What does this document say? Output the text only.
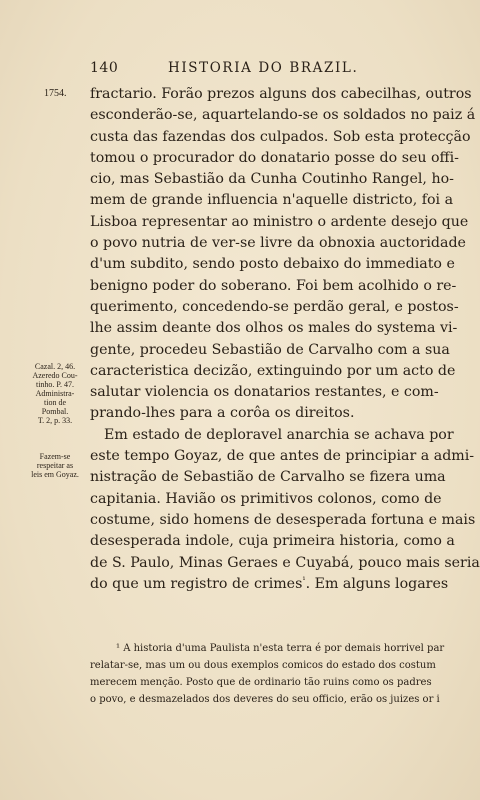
140	HISTORIA DO BRAZIL.
1754.
Cazal. 2, 46.
Azeredo Cou-
tinho. P. 47.
Administra-
tion de
Pombal.
T. 2, p. 33.
Fazem-se
respeitar as
leis em Goyaz.
fractario. Forão prezos alguns dos cabecilhas, outros
esconderão-se, aquartelando-se os soldados no paiz á
custa das fazendas dos culpados. Sob esta protecção
tomou o procurador do donatario posse do seu offi-
cio, mas Sebastião da Cunha Coutinho Rangel, ho-
mem de grande influencia n'aquelle districto, foi a
Lisboa representar ao ministro o ardente desejo que
o povo nutria de ver-se livre da obnoxia auctoridade
d'um subdito, sendo posto debaixo do immediato e
benigno poder do soberano. Foi bem acolhido o re-
querimento, concedendo-se perdão geral, e postos-
lhe assim deante dos olhos os males do systema vi-
gente, procedeu Sebastião de Carvalho com a sua
caracteristica decizão, extinguindo por um acto de
salutar violencia os donatarios restantes, e com-
prando-lhes para a corôa os direitos.
Em estado de deploravel anarchia se achava por
este tempo Goyaz, de que antes de principiar a admi-
nistração de Sebastião de Carvalho se fizera uma
capitania. Havião os primitivos colonos, como de
costume, sido homens de desesperada fortuna e mais
desesperada indole, cuja primeira historia, como a
de S. Paulo, Minas Geraes e Cuyabá, pouco mais seria
do que um registro de crimes$^{^1}$. Em alguns logares
¹ A historia d'uma Paulista n'esta terra é por demais horrivel par
relatar-se, mas um ou dous exemplos comicos do estado dos costum
merecem menção. Posto que de ordinario tão ruins como os padres
o povo, e desmazelados dos deveres do seu officio, erão os juizes or i
